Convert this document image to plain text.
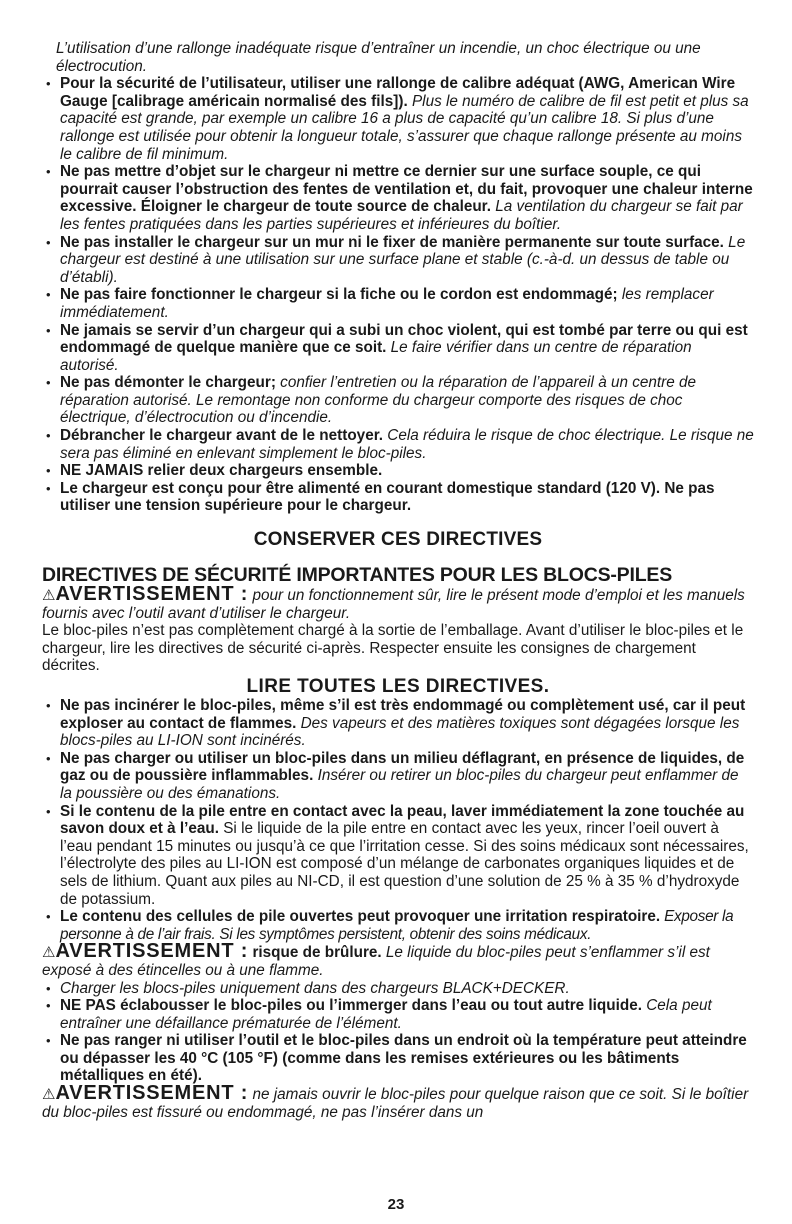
L’utilisation d’une rallonge inadéquate risque d’entraîner un incendie, un choc électrique ou une électrocution.

• Pour la sécurité de l’utilisateur, utiliser une rallonge de calibre adéquat (AWG, American Wire Gauge [calibrage américain normalisé des fils]). Plus le numéro de calibre de fil est petit et plus sa capacité est grande, par exemple un calibre 16 a plus de capacité qu’un calibre 18. Si plus d’une rallonge est utilisée pour obtenir la longueur totale, s’assurer que chaque rallonge présente au moins le calibre de fil minimum.
• Ne pas mettre d’objet sur le chargeur ni mettre ce dernier sur une surface souple, ce qui pourrait causer l’obstruction des fentes de ventilation et, du fait, provoquer une chaleur interne excessive. Éloigner le chargeur de toute source de chaleur. La ventilation du chargeur se fait par les fentes pratiquées dans les parties supérieures et inférieures du boîtier.
• Ne pas installer le chargeur sur un mur ni le fixer de manière permanente sur toute surface. Le chargeur est destiné à une utilisation sur une surface plane et stable (c.-à-d. un dessus de table ou d’établi).
• Ne pas faire fonctionner le chargeur si la fiche ou le cordon est endommagé; les remplacer immédiatement.
• Ne jamais se servir d’un chargeur qui a subi un choc violent, qui est tombé par terre ou qui est endommagé de quelque manière que ce soit. Le faire vérifier dans un centre de réparation autorisé.
• Ne pas démonter le chargeur; confier l’entretien ou la réparation de l’appareil à un centre de réparation autorisé. Le remontage non conforme du chargeur comporte des risques de choc électrique, d’électrocution ou d’incendie.
• Débrancher le chargeur avant de le nettoyer. Cela réduira le risque de choc électrique. Le risque ne sera pas éliminé en enlevant simplement le bloc-piles.
• NE JAMAIS relier deux chargeurs ensemble.
• Le chargeur est conçu pour être alimenté en courant domestique standard (120 V). Ne pas utiliser une tension supérieure pour le chargeur.
CONSERVER CES DIRECTIVES
DIRECTIVES DE SÉCURITÉ IMPORTANTES POUR LES BLOCS-PILES

⚠AVERTISSEMENT : pour un fonctionnement sûr, lire le présent mode d’emploi et les manuels fournis avec l’outil avant d’utiliser le chargeur.

Le bloc-piles n’est pas complètement chargé à la sortie de l’emballage. Avant d’utiliser le bloc-piles et le chargeur, lire les directives de sécurité ci-après. Respecter ensuite les consignes de chargement décrites.

LIRE TOUTES LES DIRECTIVES.
• Ne pas incinérer le bloc-piles, même s’il est très endommagé ou complètement usé, car il peut exploser au contact de flammes. Des vapeurs et des matières toxiques sont dégagées lorsque les blocs-piles au LI-ION sont incinérés.
• Ne pas charger ou utiliser un bloc-piles dans un milieu déflagrant, en présence de liquides, de gaz ou de poussière inflammables. Insérer ou retirer un bloc-piles du chargeur peut enflammer de la poussière ou des émanations.
• Si le contenu de la pile entre en contact avec la peau, laver immédiatement la zone touchée au savon doux et à l’eau. Si le liquide de la pile entre en contact avec les yeux, rincer l’oeil ouvert à l’eau pendant 15 minutes ou jusqu’à ce que l’irritation cesse. Si des soins médicaux sont nécessaires, l’électrolyte des piles au LI-ION est composé d’un mélange de carbonates organiques liquides et de sels de lithium. Quant aux piles au NI-CD, il est question d’une solution de 25 % à 35 % d’hydroxyde de potassium.
• Le contenu des cellules de pile ouvertes peut provoquer une irritation respiratoire. Exposer la personne à de l’air frais. Si les symptômes persistent, obtenir des soins médicaux.

⚠AVERTISSEMENT : risque de brûlure. Le liquide du bloc-piles peut s’enflammer s’il est exposé à des étincelles ou à une flamme.

• Charger les blocs-piles uniquement dans des chargeurs BLACK+DECKER.
• NE PAS éclabousser le bloc-piles ou l’immerger dans l’eau ou tout autre liquide. Cela peut entraîner une défaillance prématurée de l’élément.
• Ne pas ranger ni utiliser l’outil et le bloc-piles dans un endroit où la température peut atteindre ou dépasser les 40 °C (105 °F) (comme dans les remises extérieures ou les bâtiments métalliques en été).

⚠AVERTISSEMENT : ne jamais ouvrir le bloc-piles pour quelque raison que ce soit. Si le boîtier du bloc-piles est fissuré ou endommagé, ne pas l’insérer dans un

23
